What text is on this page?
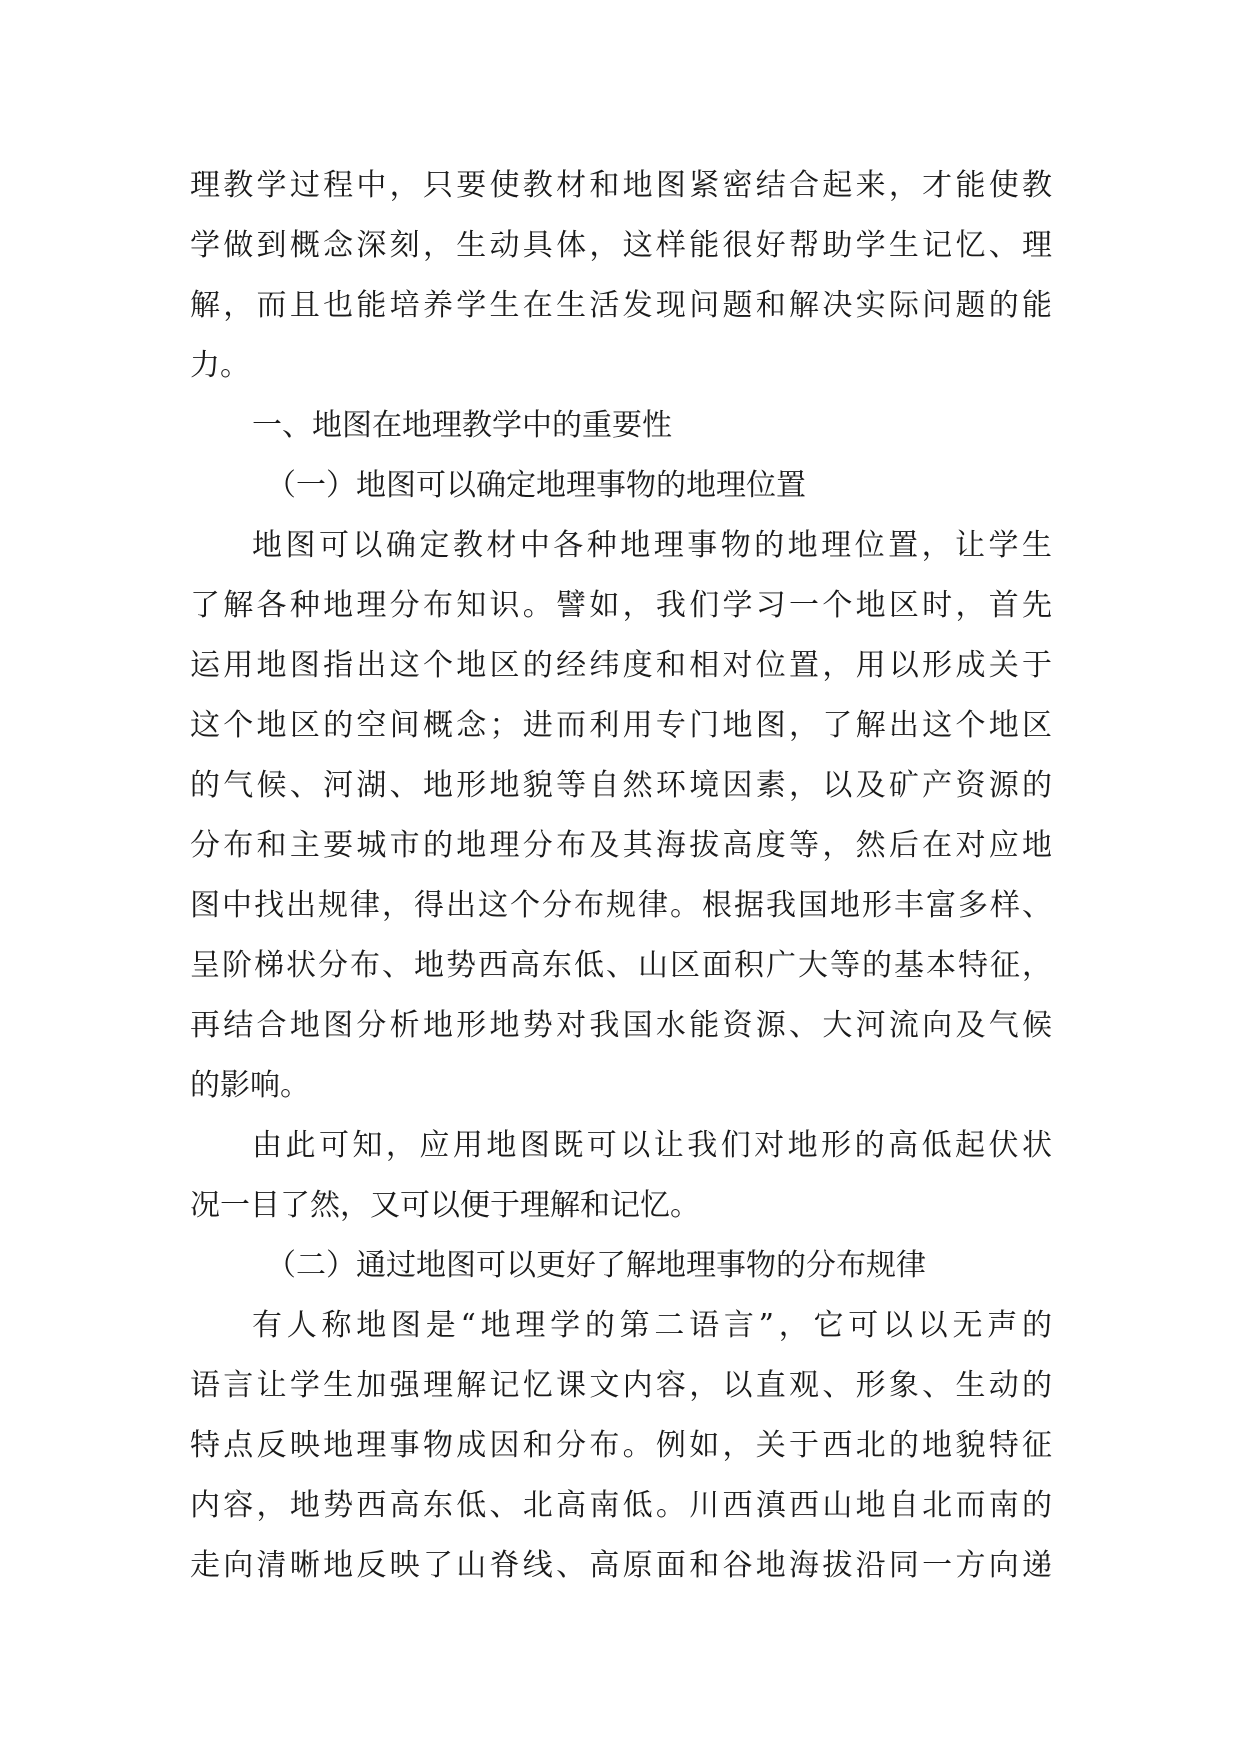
理教学过程中，只要使教材和地图紧密结合起来，才能使教
学做到概念深刻，生动具体，这样能很好帮助学生记忆、理
解，而且也能培养学生在生活发现问题和解决实际问题的能
力。
一、地图在地理教学中的重要性
（一）地图可以确定地理事物的地理位置
地图可以确定教材中各种地理事物的地理位置，让学生
了解各种地理分布知识。譬如，我们学习一个地区时，首先
运用地图指出这个地区的经纬度和相对位置，用以形成关于
这个地区的空间概念；进而利用专门地图，了解出这个地区
的气候、河湖、地形地貌等自然环境因素，以及矿产资源的
分布和主要城市的地理分布及其海拔高度等，然后在对应地
图中找出规律，得出这个分布规律。根据我国地形丰富多样、
呈阶梯状分布、地势西高东低、山区面积广大等的基本特征，
再结合地图分析地形地势对我国水能资源、大河流向及气候
的影响。
由此可知，应用地图既可以让我们对地形的高低起伏状
况一目了然，又可以便于理解和记忆。
（二）通过地图可以更好了解地理事物的分布规律
有人称地图是“地理学的第二语言”，它可以以无声的
语言让学生加强理解记忆课文内容，以直观、形象、生动的
特点反映地理事物成因和分布。例如，关于西北的地貌特征
内容，地势西高东低、北高南低。川西滇西山地自北而南的
走向清晰地反映了山脊线、高原面和谷地海拔沿同一方向递
